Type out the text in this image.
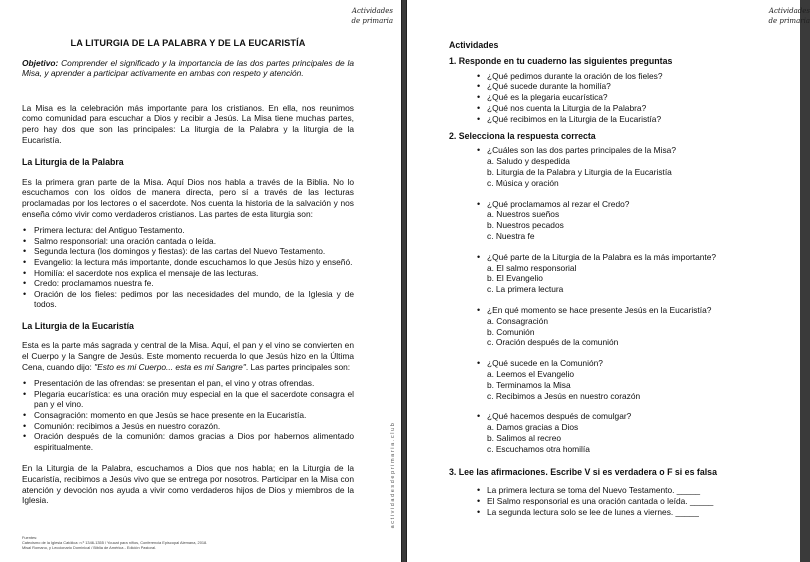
Actividades de primaria
LA LITURGIA DE LA PALABRA Y DE LA EUCARISTÍA
Objetivo: Comprender el significado y la importancia de las dos partes principales de la Misa, y aprender a participar activamente en ambas con respeto y atención.
La Misa es la celebración más importante para los cristianos. En ella, nos reunimos como comunidad para escuchar a Dios y recibir a Jesús. La Misa tiene muchas partes, pero hay dos que son las principales: La liturgia de la Palabra y la liturgia de la Eucaristía.
La Liturgia de la Palabra
Es la primera gran parte de la Misa. Aquí Dios nos habla a través de la Biblia. No lo escuchamos con los oídos de manera directa, pero sí a través de las lecturas proclamadas por los lectores o el sacerdote. Nos cuenta la historia de la salvación y nos enseña cómo vivir como verdaderos cristianos. Las partes de esta liturgia son:
• Primera lectura: del Antiguo Testamento.
• Salmo responsorial: una oración cantada o leída.
• Segunda lectura (los domingos y fiestas): de las cartas del Nuevo Testamento.
• Evangelio: la lectura más importante, donde escuchamos lo que Jesús hizo y enseñó.
• Homilía: el sacerdote nos explica el mensaje de las lecturas.
• Credo: proclamamos nuestra fe.
• Oración de los fieles: pedimos por las necesidades del mundo, de la Iglesia y de todos.
La Liturgia de la Eucaristía
Esta es la parte más sagrada y central de la Misa. Aquí, el pan y el vino se convierten en el Cuerpo y la Sangre de Jesús. Este momento recuerda lo que Jesús hizo en la Última Cena, cuando dijo: "Esto es mi Cuerpo... esta es mi Sangre". Las partes principales son:
• Presentación de las ofrendas: se presentan el pan, el vino y otras ofrendas.
• Plegaria eucarística: es una oración muy especial en la que el sacerdote consagra el pan y el vino.
• Consagración: momento en que Jesús se hace presente en la Eucaristía.
• Comunión: recibimos a Jesús en nuestro corazón.
• Oración después de la comunión: damos gracias a Dios por habernos alimentado espiritualmente.
En la Liturgia de la Palabra, escuchamos a Dios que nos habla; en la Liturgia de la Eucaristía, recibimos a Jesús vivo que se entrega por nosotros. Participar en la Misa con atención y devoción nos ayuda a vivir como verdaderos hijos de Dios y miembros de la Iglesia.
Fuentes:
Catecismo de la Iglesia Católica: n.º 1346-1355 / Youcat para niños, Conferencia Episcopal Alemana, 2018.
Misal Romano, y Leccionario Dominical / Biblia de América - Edición Pastoral.
actividadesdeprimaria.club
Actividades de primaria
Actividades
1. Responde en tu cuaderno las siguientes preguntas
• ¿Qué pedimos durante la oración de los fieles?
• ¿Qué sucede durante la homilía?
• ¿Qué es la plegaria eucarística?
• ¿Qué nos cuenta la Liturgia de la Palabra?
• ¿Qué recibimos en la Liturgia de la Eucaristía?
2. Selecciona la respuesta correcta
• ¿Cuáles son las dos partes principales de la Misa?
a. Saludo y despedida
b. Liturgia de la Palabra y Liturgia de la Eucaristía
c. Música y oración
• ¿Qué proclamamos al rezar el Credo?
a. Nuestros sueños
b. Nuestros pecados
c. Nuestra fe
• ¿Qué parte de la Liturgia de la Palabra es la más importante?
a. El salmo responsorial
b. El Evangelio
c. La primera lectura
• ¿En qué momento se hace presente Jesús en la Eucaristía?
a. Consagración
b. Comunión
c. Oración después de la comunión
• ¿Qué sucede en la Comunión?
a. Leemos el Evangelio
b. Terminamos la Misa
c. Recibimos a Jesús en nuestro corazón
• ¿Qué hacemos después de comulgar?
a. Damos gracias a Dios
b. Salimos al recreo
c. Escuchamos otra homilía
3. Lee las afirmaciones. Escribe V si es verdadera o F si es falsa
• La primera lectura se toma del Nuevo Testamento. _____
• El Salmo responsorial es una oración cantada o leída. _____
• La segunda lectura solo se lee de lunes a viernes. _____
